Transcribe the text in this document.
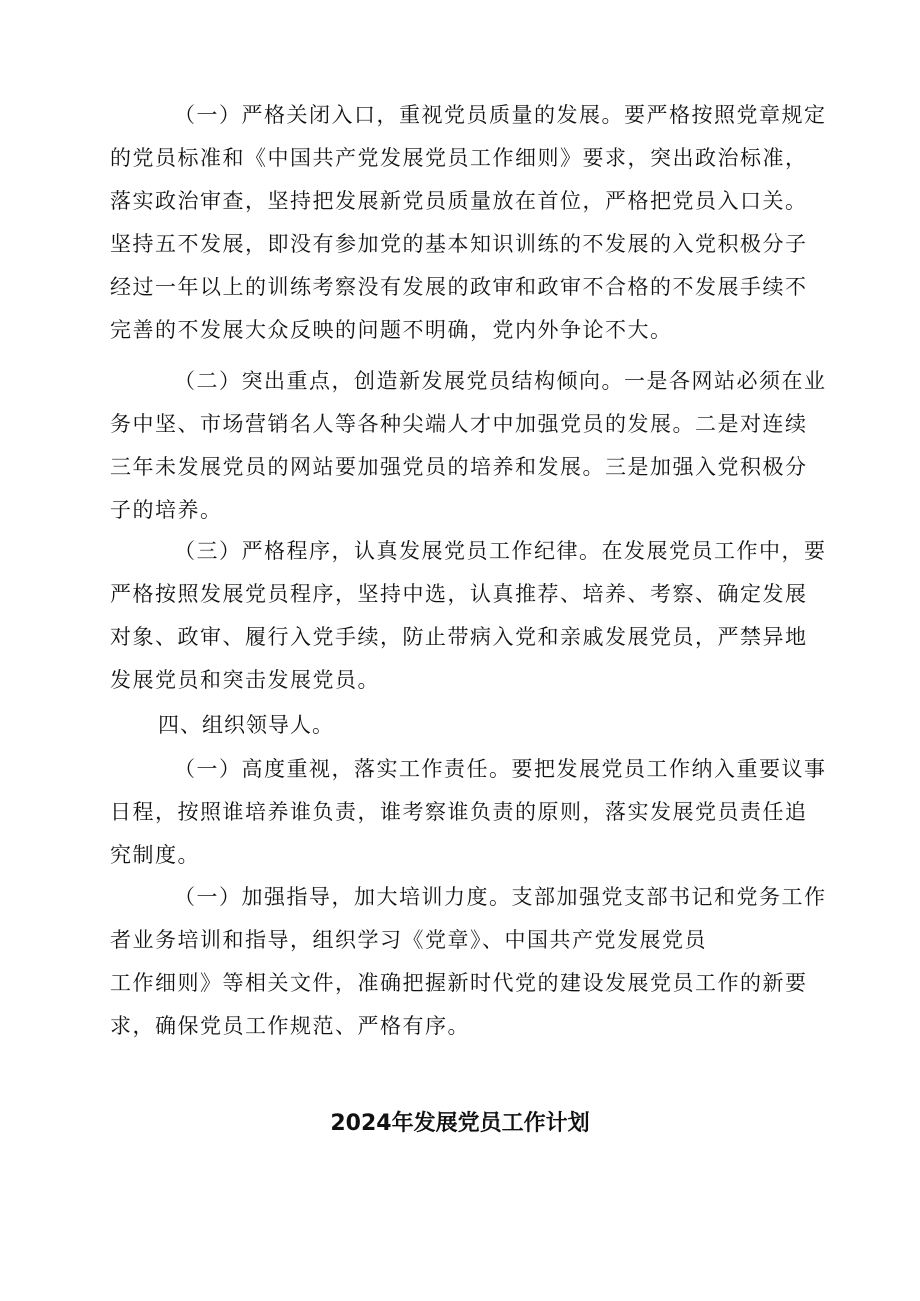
（一）严格关闭入口，重视党员质量的发展。要严格按照党章规定
的党员标准和《中国共产党发展党员工作细则》要求，突出政治标准，
落实政治审查，坚持把发展新党员质量放在首位，严格把党员入口关。
坚持五不发展，即没有参加党的基本知识训练的不发展的入党积极分子
经过一年以上的训练考察没有发展的政审和政审不合格的不发展手续不
完善的不发展大众反映的问题不明确，党内外争论不大。
（二）突出重点，创造新发展党员结构倾向。一是各网站必须在业
务中坚、市场营销名人等各种尖端人才中加强党员的发展。二是对连续
三年未发展党员的网站要加强党员的培养和发展。三是加强入党积极分
子的培养。
（三）严格程序，认真发展党员工作纪律。在发展党员工作中，要
严格按照发展党员程序，坚持中选，认真推荐、培养、考察、确定发展
对象、政审、履行入党手续，防止带病入党和亲戚发展党员，严禁异地
发展党员和突击发展党员。
四、组织领导人。
（一）高度重视，落实工作责任。要把发展党员工作纳入重要议事
日程，按照谁培养谁负责，谁考察谁负责的原则，落实发展党员责任追
究制度。
（一）加强指导，加大培训力度。支部加强党支部书记和党务工作
者业务培训和指导，组织学习《党章》、中国共产党发展党员
工作细则》等相关文件，准确把握新时代党的建设发展党员工作的新要
求，确保党员工作规范、严格有序。
2024年发展党员工作计划
